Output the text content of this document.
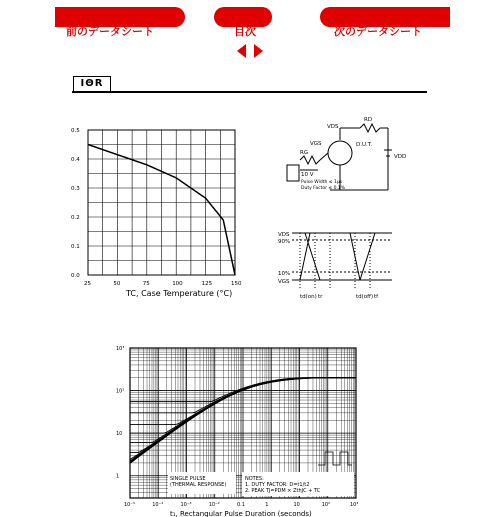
前のデータシート	目次	次のデータシート
IΘR
0.0
0.1
0.2
0.3
0.4
0.5
25	50	75	100	125	150
TC, Case Temperature (°C)
VDS
RD
D.U.T.
VGS
RG
VDD
10 V
Pulse Width ≤ 1μs
Duty Factor ≤ 0.1%
VDS
90%
10%
VGS
td(on) tr	td(off) tf
10⁻⁵	10⁻⁴	10⁻³	10⁻²	0.1	1	10	10²	10³
1
10
10²
10³
SINGLE PULSE (THERMAL RESPONSE)
NOTES: 1. DUTY FACTOR: D=t1/t2 2. PEAK TJ=PDM × ZthJC + TC
t₁, Rectangular Pulse Duration (seconds)
